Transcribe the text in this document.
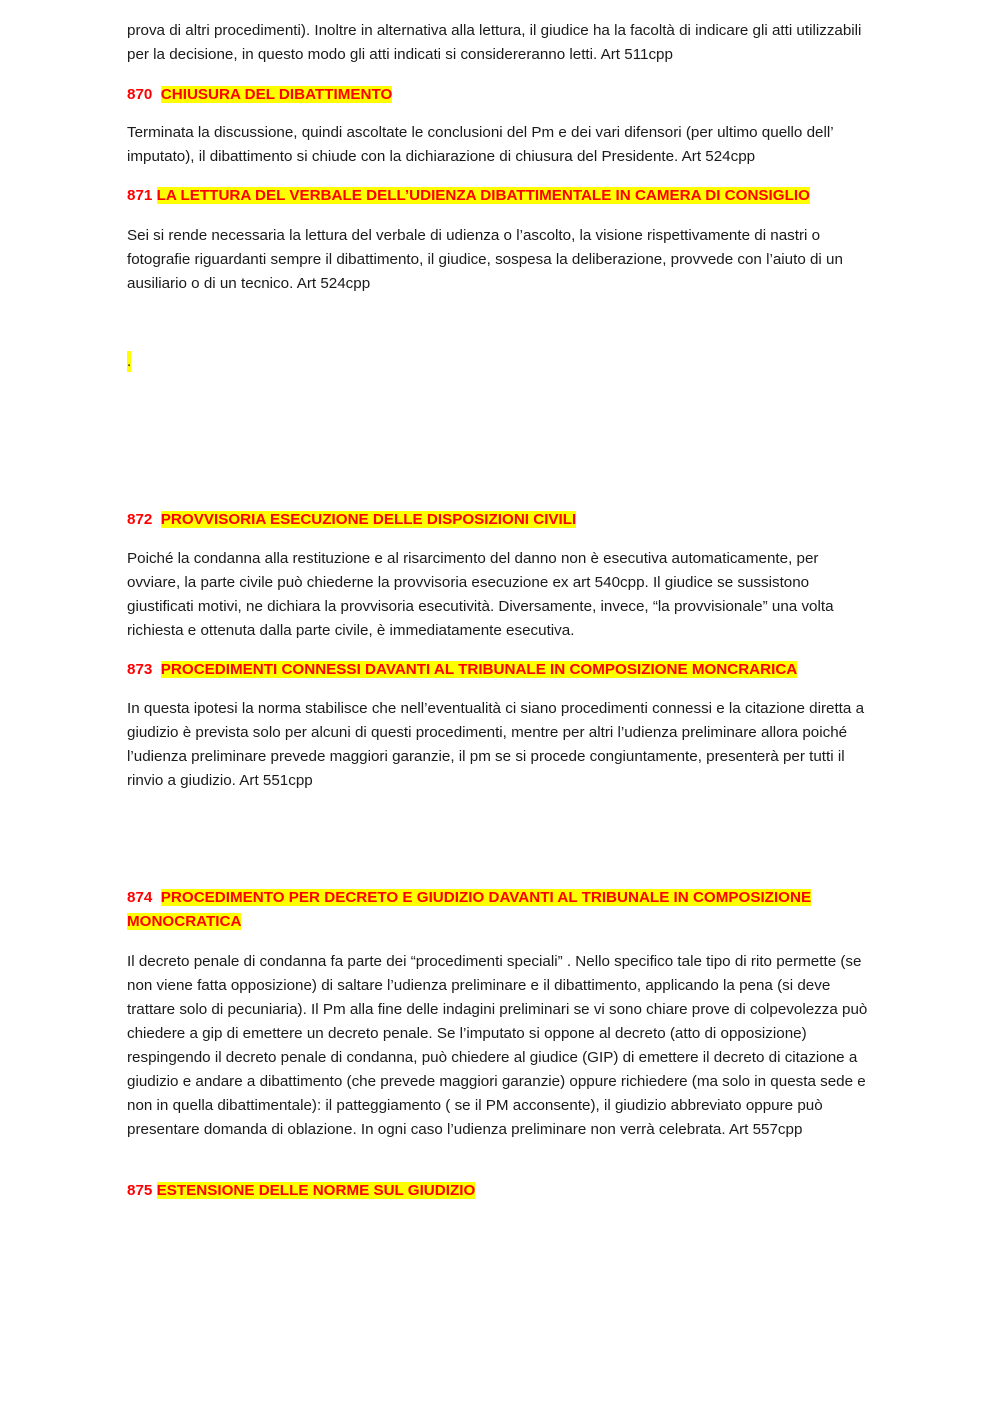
prova di altri procedimenti). Inoltre in alternativa alla lettura, il giudice ha la facoltà di indicare gli atti utilizzabili per la decisione, in questo modo gli atti indicati si considereranno letti. Art 511cpp

870 CHIUSURA DEL DIBATTIMENTO

Terminata la discussione, quindi ascoltate le conclusioni del Pm e dei vari difensori (per ultimo quello dell’ imputato), il dibattimento si chiude con la dichiarazione di chiusura del Presidente. Art 524cpp

871 LA LETTURA DEL VERBALE DELL’UDIENZA DIBATTIMENTALE IN CAMERA DI CONSIGLIO

Sei si rende necessaria la lettura del verbale di udienza o l’ascolto, la visione rispettivamente di nastri o fotografie riguardanti sempre il dibattimento, il giudice, sospesa la deliberazione, provvede con l’aiuto di un ausiliario o di un tecnico. Art 524cpp

.
872 PROVVISORIA ESECUZIONE DELLE DISPOSIZIONI CIVILI

Poiché la condanna alla restituzione e al risarcimento del danno non è esecutiva automaticamente, per ovviare, la parte civile può chiederne la provvisoria esecuzione ex art 540cpp. Il giudice se sussistono giustificati motivi, ne dichiara la provvisoria esecutività. Diversamente, invece, “la provvisionale” una volta richiesta e ottenuta dalla parte civile, è immediatamente esecutiva.

873 PROCEDIMENTI CONNESSI DAVANTI AL TRIBUNALE IN COMPOSIZIONE MONCRARICA

In questa ipotesi la norma stabilisce che nell’eventualità ci siano procedimenti connessi e la citazione diretta a giudizio è prevista solo per alcuni di questi procedimenti, mentre per altri l’udienza preliminare allora poiché l’udienza preliminare prevede maggiori garanzie, il pm se si procede congiuntamente, presenterà per tutti il rinvio a giudizio. Art 551cpp

874 PROCEDIMENTO PER DECRETO E GIUDIZIO DAVANTI AL TRIBUNALE IN COMPOSIZIONE
MONOCRATICA

Il decreto penale di condanna fa parte dei “procedimenti speciali” . Nello specifico tale tipo di rito permette (se non viene fatta opposizione) di saltare l’udienza preliminare e il dibattimento, applicando la pena (si deve trattare solo di pecuniaria). Il Pm alla fine delle indagini preliminari se vi sono chiare prove di colpevolezza può chiedere a gip di emettere un decreto penale. Se l’imputato si oppone al decreto (atto di opposizione) respingendo il decreto penale di condanna, può chiedere al giudice (GIP) di emettere il decreto di citazione a giudizio e andare a dibattimento (che prevede maggiori garanzie) oppure richiedere (ma solo in questa sede e non in quella dibattimentale): il patteggiamento ( se il PM acconsente), il giudizio abbreviato oppure può presentare domanda di oblazione. In ogni caso l’udienza preliminare non verrà celebrata. Art 557cpp

875 ESTENSIONE DELLE NORME SUL GIUDIZIO
